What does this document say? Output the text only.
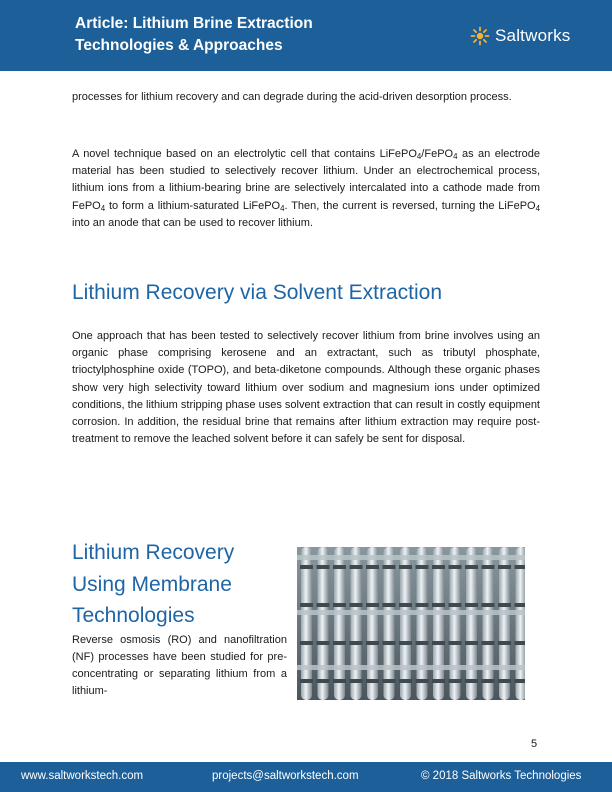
Article: Lithium Brine Extraction
Technologies & Approaches
Saltworks

processes for lithium recovery and can degrade during the acid-driven desorption process.

A novel technique based on an electrolytic cell that contains LiFePO$_4$/FePO$_4$ as an electrode material has been studied to selectively recover lithium. Under an electrochemical process, lithium ions from a lithium-bearing brine are selectively intercalated into a cathode made from FePO$_4$ to form a lithium-saturated LiFePO$_4$. Then, the current is reversed, turning the LiFePO$_4$ into an anode that can be used to recover lithium.

Lithium Recovery via Solvent Extraction

One approach that has been tested to selectively recover lithium from brine involves using an organic phase comprising kerosene and an extractant, such as tributyl phosphate, trioctylphosphine oxide (TOPO), and beta-diketone compounds. Although these organic phases show very high selectivity toward lithium over sodium and magnesium ions under optimized conditions, the lithium stripping phase uses solvent extraction that can result in costly equipment corrosion. In addition, the residual brine that remains after lithium extraction may require post-treatment to remove the leached solvent before it can safely be sent for disposal.

Lithium Recovery Using Membrane Technologies

Reverse osmosis (RO) and nanofiltration (NF) processes have been studied for pre-concentrating or separating lithium from a lithium-

5
www.saltworkstech.com	projects@saltworkstech.com	© 2018 Saltworks Technologies
